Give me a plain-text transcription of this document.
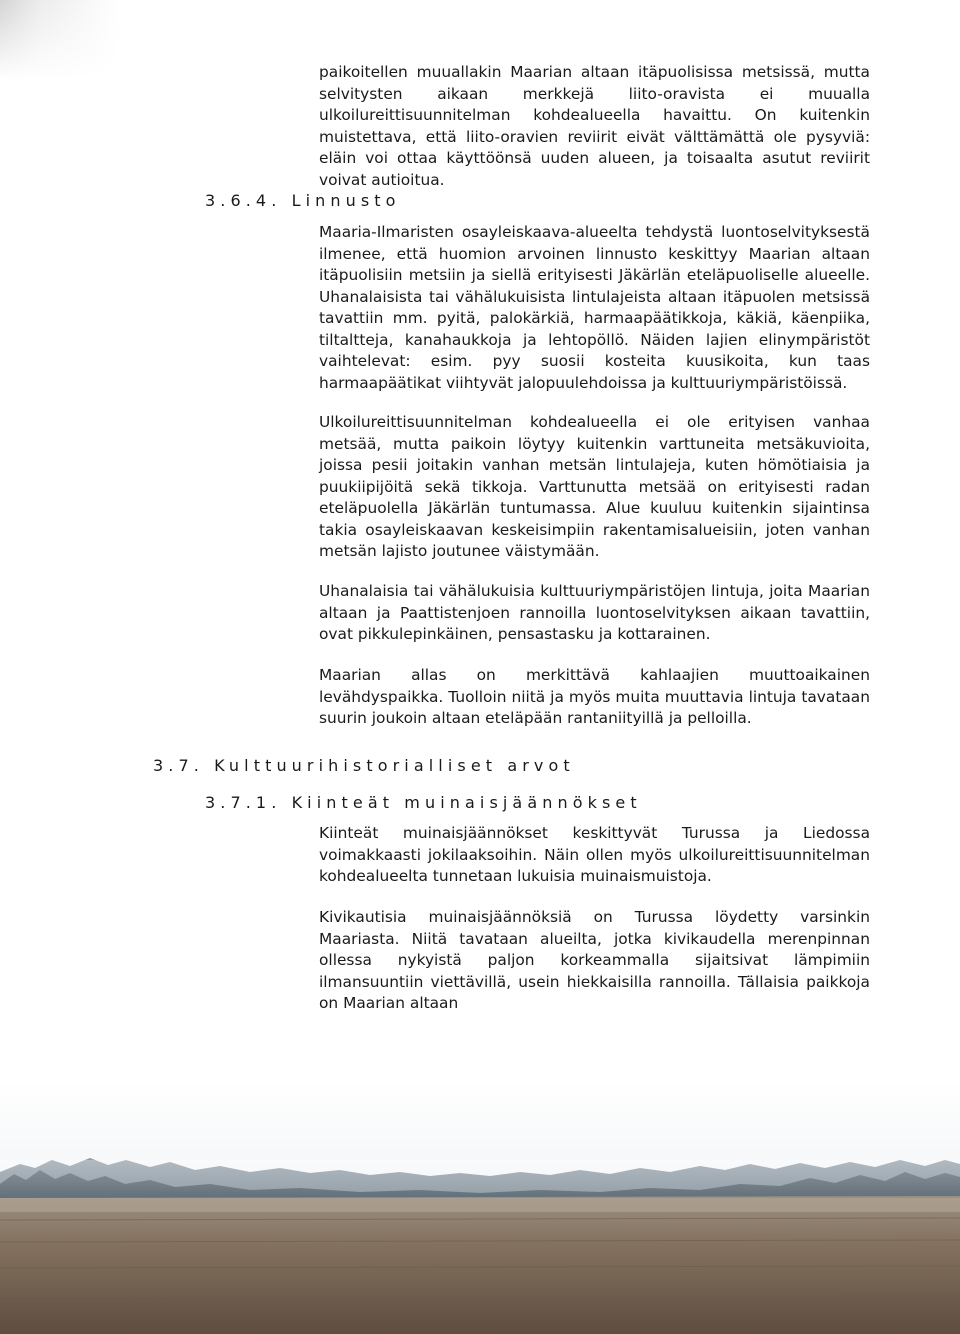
paikoitellen muuallakin Maarian altaan itäpuolisissa metsissä, mutta selvitysten aikaan merkkejä liito-oravista ei muualla ulkoilureittisuunnitelman kohdealueella havaittu. On kuitenkin muistettava, että liito-oravien reviirit eivät välttämättä ole pysyviä: eläin voi ottaa käyttöönsä uuden alueen, ja toisaalta asutut reviirit voivat autioitua.

3.6.4. Linnusto

Maaria-Ilmaristen osayleiskaava-alueelta tehdystä luontoselvityksestä ilmenee, että huomion arvoinen linnusto keskittyy Maarian altaan itäpuolisiin metsiin ja siellä erityisesti Jäkärlän eteläpuoliselle alueelle. Uhanalaisista tai vähälukuisista lintulajeista altaan itäpuolen metsissä tavattiin mm. pyitä, palokärkiä, harmaapäätikkoja, käkiä, käenpiika, tiltaltteja, kanahaukkoja ja lehtopöllö. Näiden lajien elinympäristöt vaihtelevat: esim. pyy suosii kosteita kuusikoita, kun taas harmaapäätikat viihtyvät jalopuulehdoissa ja kulttuuriympäristöissä.

Ulkoilureittisuunnitelman kohdealueella ei ole erityisen vanhaa metsää, mutta paikoin löytyy kuitenkin varttuneita metsäkuvioita, joissa pesii joitakin vanhan metsän lintulajeja, kuten hömötiaisia ja puukiipijöitä sekä tikkoja. Varttunutta metsää on erityisesti radan eteläpuolella Jäkärlän tuntumassa. Alue kuuluu kuitenkin sijaintinsa takia osayleiskaavan keskeisimpiin rakentamisalueisiin, joten vanhan metsän lajisto joutunee väistymään.

Uhanalaisia tai vähälukuisia kulttuuriympäristöjen lintuja, joita Maarian altaan ja Paattistenjoen rannoilla luontoselvityksen aikaan tavattiin, ovat pikkulepinkäinen, pensastasku ja kottarainen.

Maarian allas on merkittävä kahlaajien muuttoaikainen levähdyspaikka. Tuolloin niitä ja myös muita muuttavia lintuja tavataan suurin joukoin altaan eteläpään rantaniityillä ja pelloilla.

3.7. Kulttuurihistorialliset arvot
3.7.1. Kiinteät muinaisjäännökset

Kiinteät muinaisjäännökset keskittyvät Turussa ja Liedossa voimakkaasti jokilaaksoihin. Näin ollen myös ulkoilureittisuunnitelman kohdealueelta tunnetaan lukuisia muinaismuistoja.

Kivikautisia muinaisjäännöksiä on Turussa löydetty varsinkin Maariasta. Niitä tavataan alueilta, jotka kivikaudella merenpinnan ollessa nykyistä paljon korkeammalla sijaitsivat lämpimiin ilmansuuntiin viettävillä, usein hiekkaisilla rannoilla. Tällaisia paikkoja on Maarian altaan
